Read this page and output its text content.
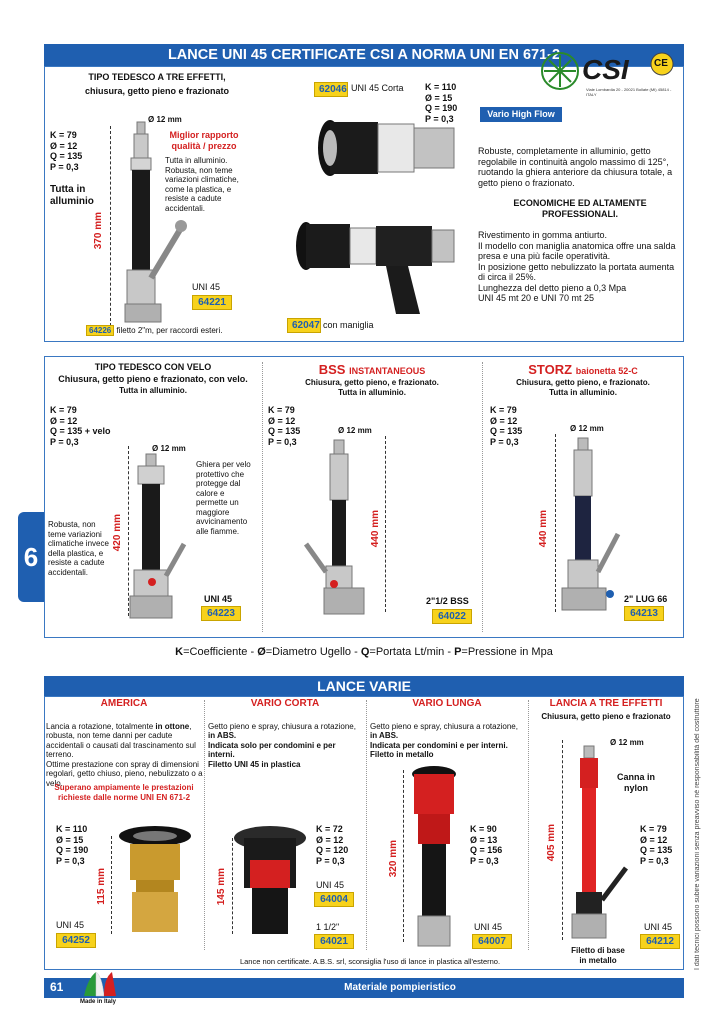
LANCE UNI 45 CERTIFICATE CSI A NORMA UNI EN 671-2
6
TIPO TEDESCO A TRE EFFETTI,
chiusura, getto pieno e frazionato
K = 79
Ø = 12
Q = 135
P = 0,3
Tutta in
alluminio
Ø 12 mm
Miglior rapporto
qualità / prezzo
Tutta in alluminio.
Robusta, non teme
variazioni climatiche,
come la plastica, e
resiste a cadute
accidentali.
370 mm
UNI 45
64221
64226 filetto 2"m, per raccordi esteri.
62046 UNI 45 Corta K = 110
Ø = 15
Q = 190
P = 0,3
62047 con maniglia
CSI	CE
Viale Lombardia 20 - 20021 Bollate (MI) 45814 - ITALY
Vario High Flow
Robuste, completamente in alluminio, getto regolabile in continuità angolo massimo di 125°, ruotando la ghiera anteriore da chiusura totale, a getto pieno o frazionato.
ECONOMICHE ED ALTAMENTE PROFESSIONALI.
Rivestimento in gomma antiurto.
Il modello con maniglia anatomica offre una salda presa e una più facile operatività.
In posizione getto nebulizzato la portata aumenta di circa il 25%.
Lunghezza del detto pieno a 0,3 Mpa
UNI 45 mt 20 e UNI 70 mt 25
TIPO TEDESCO CON VELO
Chiusura, getto pieno e frazionato, con velo.
Tutta in alluminio.
K = 79
Ø = 12
Q = 135 + velo
P = 0,3
Ø 12 mm
Ghiera per velo
protettivo che
protegge dal
calore e
permette un
maggiore
avvicinamento
alle fiamme.
Robusta, non
teme variazioni
climatiche invece
della plastica, e
resiste a cadute
accidentali.
420 mm
UNI 45
64223
BSS INSTANTANEOUS
Chiusura, getto pieno, e frazionato.
Tutta in alluminio.
K = 79
Ø = 12
Q = 135
P = 0,3
Ø 12 mm
440 mm
2"1/2 BSS
64022
STORZ baionetta 52-C
Chiusura, getto pieno, e frazionato.
Tutta in alluminio.
K = 79
Ø = 12
Q = 135
P = 0,3
Ø 12 mm
440 mm
2" LUG 66
64213
K=Coefficiente - Ø=Diametro Ugello - Q=Portata Lt/min - P=Pressione in Mpa
LANCE VARIE
AMERICA

Lancia a rotazione, totalmente in ottone, robusta, non teme danni per cadute accidentali o causati dal trascinamento sul terreno.
Ottime prestazione con spray di dimensioni regolari, getto chiuso, pieno, nebulizzato o a velo.

Superano ampiamente le prestazioni richieste dalle norme UNI EN 671-2
K = 110
Ø = 15
Q = 190
P = 0,3
115 mm
UNI 45
64252
VARIO CORTA

Getto pieno e spray, chiusura a rotazione, in ABS.
Indicata solo per condomini e per interni.
Filetto UNI 45 in plastica

K = 72
Ø = 12
Q = 120
P = 0,3
145 mm	UNI 45
64004
1 1/2"
64021
VARIO LUNGA

Getto pieno e spray, chiusura a rotazione, in ABS.
Indicata per condomini e per interni.
Filetto in metallo

K = 90
Ø = 13
Q = 156
P = 0,3
320 mm
UNI 45
64007
LANCIA A TRE EFFETTI
Chiusura, getto pieno e frazionato
Ø 12 mm
Canna in
nylon
K = 79
Ø = 12
Q = 135
P = 0,3
405 mm
Filetto di base
in metallo
UNI 45
64212
Lance non certificate. A.B.S. srl, sconsiglia l'uso di lance in plastica all'esterno.	I dati tecnici possono subire variazioni senza preavviso né responsabilità del costruttore
61
Made in Italy
Materiale pompieristico
